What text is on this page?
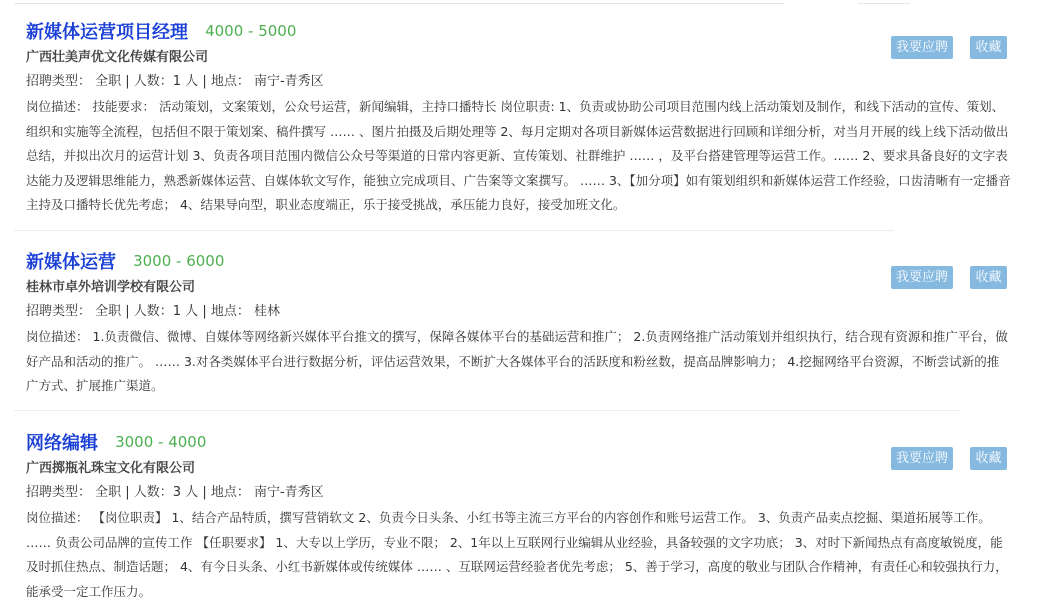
新媒体运营项目经理 4000 - 5000
广西壮美声优文化传媒有限公司
招聘类型： 全职 | 人数：1 人 | 地点： 南宁-青秀区
岗位描述： 技能要求： 活动策划，文案策划，公众号运营，新闻编辑，主持口播特长 岗位职责: 1、负责或协助公司项目范围内线上活动策划及制作，和线下活动的宣传、策划、组织和实施等全流程，包括但不限于策划案、稿件撰写 …… 、图片拍摄及后期处理等 2、每月定期对各项目新媒体运营数据进行回顾和详细分析，对当月开展的线上线下活动做出总结，并拟出次月的运营计划 3、负责各项目范围内微信公众号等渠道的日常内容更新、宣传策划、社群维护 …… ，及平台搭建管理等运营工作。…… 2、要求具备良好的文字表达能力及逻辑思维能力，熟悉新媒体运营、自媒体软文写作，能独立完成项目、广告案等文案撰写。 …… 3、【加分项】如有策划组织和新媒体运营工作经验，口齿清晰有一定播音主持及口播特长优先考虑； 4、结果导向型，职业态度端正，乐于接受挑战，承压能力良好，接受加班文化。
我要应聘	收藏
新媒体运营 3000 - 6000
桂林市卓外培训学校有限公司
招聘类型： 全职 | 人数：1 人 | 地点： 桂林
岗位描述： 1.负责微信、微博、自媒体等网络新兴媒体平台推文的撰写，保障各媒体平台的基础运营和推广； 2.负责网络推广活动策划并组织执行，结合现有资源和推广平台，做好产品和活动的推广。 …… 3.对各类媒体平台进行数据分析，评估运营效果，不断扩大各媒体平台的活跃度和粉丝数，提高品牌影响力； 4.挖掘网络平台资源，不断尝试新的推广方式、扩展推广渠道。
我要应聘	收藏
网络编辑 3000 - 4000
广西掷瓶礼珠宝文化有限公司
招聘类型： 全职 | 人数：3 人 | 地点： 南宁-青秀区
岗位描述： 【岗位职责】 1、结合产品特质，撰写营销软文 2、负责今日头条、小红书等主流三方平台的内容创作和账号运营工作。 3、负责产品卖点挖掘、渠道拓展等工作。 …… 负责公司品牌的宣传工作 【任职要求】 1、大专以上学历，专业不限； 2、1年以上互联网行业编辑从业经验，具备较强的文字功底； 3、对时下新闻热点有高度敏锐度，能及时抓住热点、制造话题； 4、有今日头条、小红书新媒体或传统媒体 …… 、互联网运营经验者优先考虑； 5、善于学习，高度的敬业与团队合作精神，有责任心和较强执行力，能承受一定工作压力。
我要应聘	收藏
